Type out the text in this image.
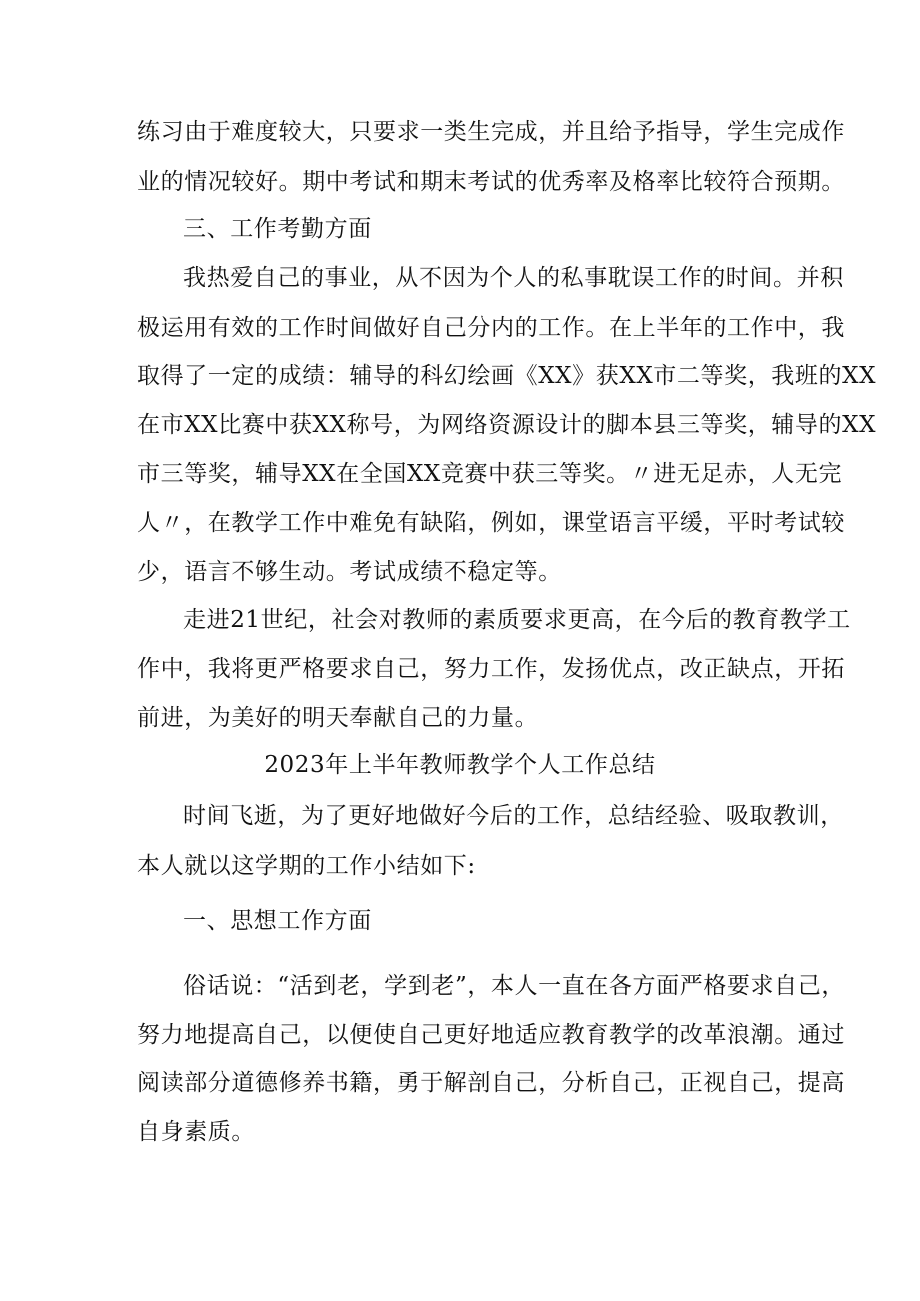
练习由于难度较大，只要求一类生完成，并且给予指导，学生完成作
业的情况较好。期中考试和期末考试的优秀率及格率比较符合预期。
三、工作考勤方面
我热爱自己的事业，从不因为个人的私事耽误工作的时间。并积
极运用有效的工作时间做好自己分内的工作。在上半年的工作中，我
取得了一定的成绩：辅导的科幻绘画《XX》获XX市二等奖，我班的XX
在市XX比赛中获XX称号，为网络资源设计的脚本县三等奖，辅导的XX
市三等奖，辅导XX在全国XX竞赛中获三等奖。〃进无足赤，人无完
人〃，在教学工作中难免有缺陷，例如，课堂语言平缓，平时考试较
少，语言不够生动。考试成绩不稳定等。
走进21世纪，社会对教师的素质要求更高，在今后的教育教学工
作中，我将更严格要求自己，努力工作，发扬优点，改正缺点，开拓
前进，为美好的明天奉献自己的力量。
2023年上半年教师教学个人工作总结
时间飞逝，为了更好地做好今后的工作，总结经验、吸取教训，
本人就以这学期的工作小结如下:
一、思想工作方面
俗话说：“活到老，学到老”，本人一直在各方面严格要求自己，
努力地提高自己，以便使自己更好地适应教育教学的改革浪潮。通过
阅读部分道德修养书籍，勇于解剖自己，分析自己，正视自己，提高
自身素质。
